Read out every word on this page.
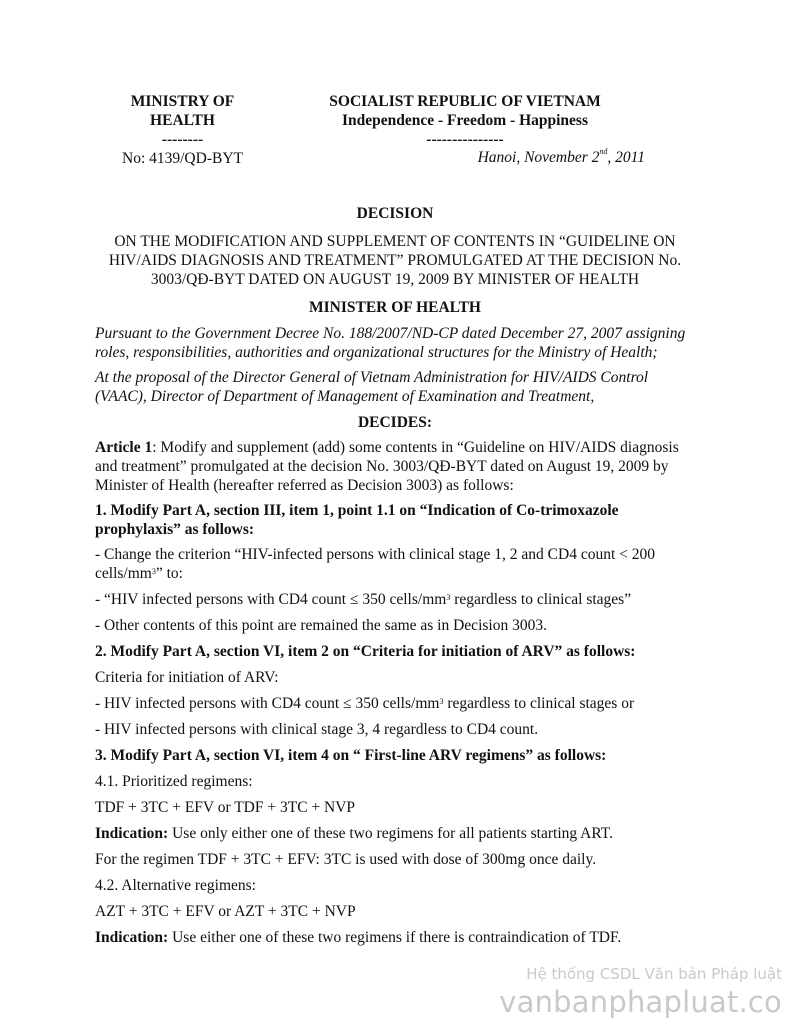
MINISTRY OF
HEALTH
--------
No: 4139/QD-BYT
SOCIALIST REPUBLIC OF VIETNAM
Independence - Freedom - Happiness
---------------
Hanoi, November 2nd, 2011

DECISION

ON THE MODIFICATION AND SUPPLEMENT OF CONTENTS IN “GUIDELINE ON HIV/AIDS DIAGNOSIS AND TREATMENT” PROMULGATED AT THE DECISION No. 3003/QĐ-BYT DATED ON AUGUST 19, 2009 BY MINISTER OF HEALTH

MINISTER OF HEALTH

Pursuant to the Government Decree No. 188/2007/ND-CP dated December 27, 2007 assigning roles, responsibilities, authorities and organizational structures for the Ministry of Health;

At the proposal of the Director General of Vietnam Administration for HIV/AIDS Control (VAAC), Director of Department of Management of Examination and Treatment,

DECIDES:

Article 1: Modify and supplement (add) some contents in “Guideline on HIV/AIDS diagnosis and treatment” promulgated at the decision No. 3003/QĐ-BYT dated on August 19, 2009 by Minister of Health (hereafter referred as Decision 3003) as follows:

1. Modify Part A, section III, item 1, point 1.1 on “Indication of Co-trimoxazole prophylaxis” as follows:

- Change the criterion “HIV-infected persons with clinical stage 1, 2 and CD4 count < 200 cells/$mm^3$” to:

- “HIV infected persons with CD4 count ≤ 350 cells/$mm^3$ regardless to clinical stages”

- Other contents of this point are remained the same as in Decision 3003.

2. Modify Part A, section VI, item 2 on “Criteria for initiation of ARV” as follows:

Criteria for initiation of ARV:

- HIV infected persons with CD4 count ≤ 350 cells/$mm^3$ regardless to clinical stages or

- HIV infected persons with clinical stage 3, 4 regardless to CD4 count.

3. Modify Part A, section VI, item 4 on “ First-line ARV regimens” as follows:

4.1. Prioritized regimens:

TDF + 3TC + EFV or TDF + 3TC + NVP

Indication: Use only either one of these two regimens for all patients starting ART.

For the regimen TDF + 3TC + EFV: 3TC is used with dose of 300mg once daily.

4.2. Alternative regimens:

AZT + 3TC + EFV or AZT + 3TC + NVP

Indication: Use either one of these two regimens if there is contraindication of TDF.

Hệ thống CSDL Văn bản Pháp luật
vanbanphapluat.co
